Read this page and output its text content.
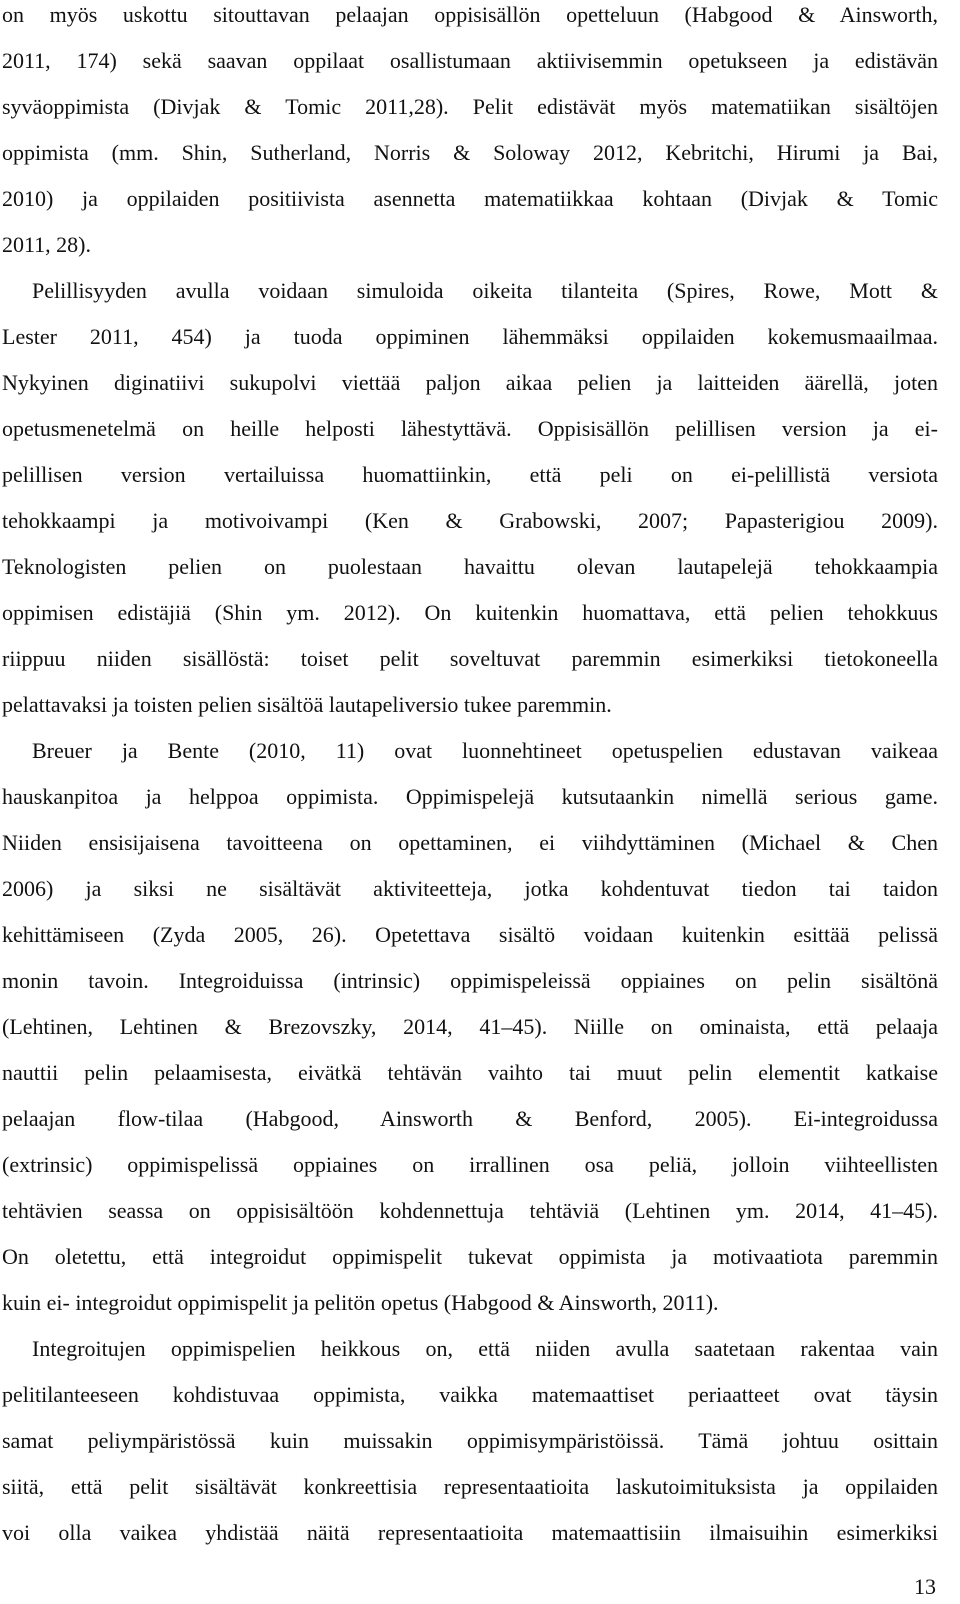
on myös uskottu sitouttavan pelaajan oppisisällön opetteluun (Habgood & Ainsworth,
2011, 174) sekä saavan oppilaat osallistumaan aktiivisemmin opetukseen ja edistävän
syväoppimista (Divjak & Tomic 2011,28). Pelit edistävät myös matematiikan sisältöjen
oppimista (mm. Shin, Sutherland, Norris & Soloway 2012, Kebritchi, Hirumi ja Bai,
2010) ja oppilaiden positiivista asennetta matematiikkaa kohtaan (Divjak & Tomic
2011, 28).
Pelillisyyden avulla voidaan simuloida oikeita tilanteita (Spires, Rowe, Mott &
Lester 2011, 454) ja tuoda oppiminen lähemmäksi oppilaiden kokemusmaailmaa.
Nykyinen diginatiivi sukupolvi viettää paljon aikaa pelien ja laitteiden äärellä, joten
opetusmenetelmä on heille helposti lähestyttävä. Oppisisällön pelillisen version ja ei-
pelillisen version vertailuissa huomattiinkin, että peli on ei-pelillistä versiota
tehokkaampi ja motivoivampi (Ken & Grabowski, 2007; Papasterigiou 2009).
Teknologisten pelien on puolestaan havaittu olevan lautapelejä tehokkaampia
oppimisen edistäjiä (Shin ym. 2012). On kuitenkin huomattava, että pelien tehokkuus
riippuu niiden sisällöstä: toiset pelit soveltuvat paremmin esimerkiksi tietokoneella
pelattavaksi ja toisten pelien sisältöä lautapeliversio tukee paremmin.
Breuer ja Bente (2010, 11) ovat luonnehtineet opetuspelien edustavan vaikeaa
hauskanpitoa ja helppoa oppimista. Oppimispelejä kutsutaankin nimellä serious game.
Niiden ensisijaisena tavoitteena on opettaminen, ei viihdyttäminen (Michael & Chen
2006) ja siksi ne sisältävät aktiviteetteja, jotka kohdentuvat tiedon tai taidon
kehittämiseen (Zyda 2005, 26). Opetettava sisältö voidaan kuitenkin esittää pelissä
monin tavoin. Integroiduissa (intrinsic) oppimispeleissä oppiaines on pelin sisältönä
(Lehtinen, Lehtinen & Brezovszky, 2014, 41–45). Niille on ominaista, että pelaaja
nauttii pelin pelaamisesta, eivätkä tehtävän vaihto tai muut pelin elementit katkaise
pelaajan flow-tilaa (Habgood, Ainsworth & Benford, 2005). Ei-integroidussa
(extrinsic) oppimispelissä oppiaines on irrallinen osa peliä, jolloin viihteellisten
tehtävien seassa on oppisisältöön kohdennettuja tehtäviä (Lehtinen ym. 2014, 41–45).
On oletettu, että integroidut oppimispelit tukevat oppimista ja motivaatiota paremmin
kuin ei- integroidut oppimispelit ja pelitön opetus (Habgood & Ainsworth, 2011).
Integroitujen oppimispelien heikkous on, että niiden avulla saatetaan rakentaa vain
pelitilanteeseen kohdistuvaa oppimista, vaikka matemaattiset periaatteet ovat täysin
samat peliympäristössä kuin muissakin oppimisympäristöissä. Tämä johtuu osittain
siitä, että pelit sisältävät konkreettisia representaatioita laskutoimituksista ja oppilaiden
voi olla vaikea yhdistää näitä representaatioita matemaattisiin ilmaisuihin esimerkiksi
13
